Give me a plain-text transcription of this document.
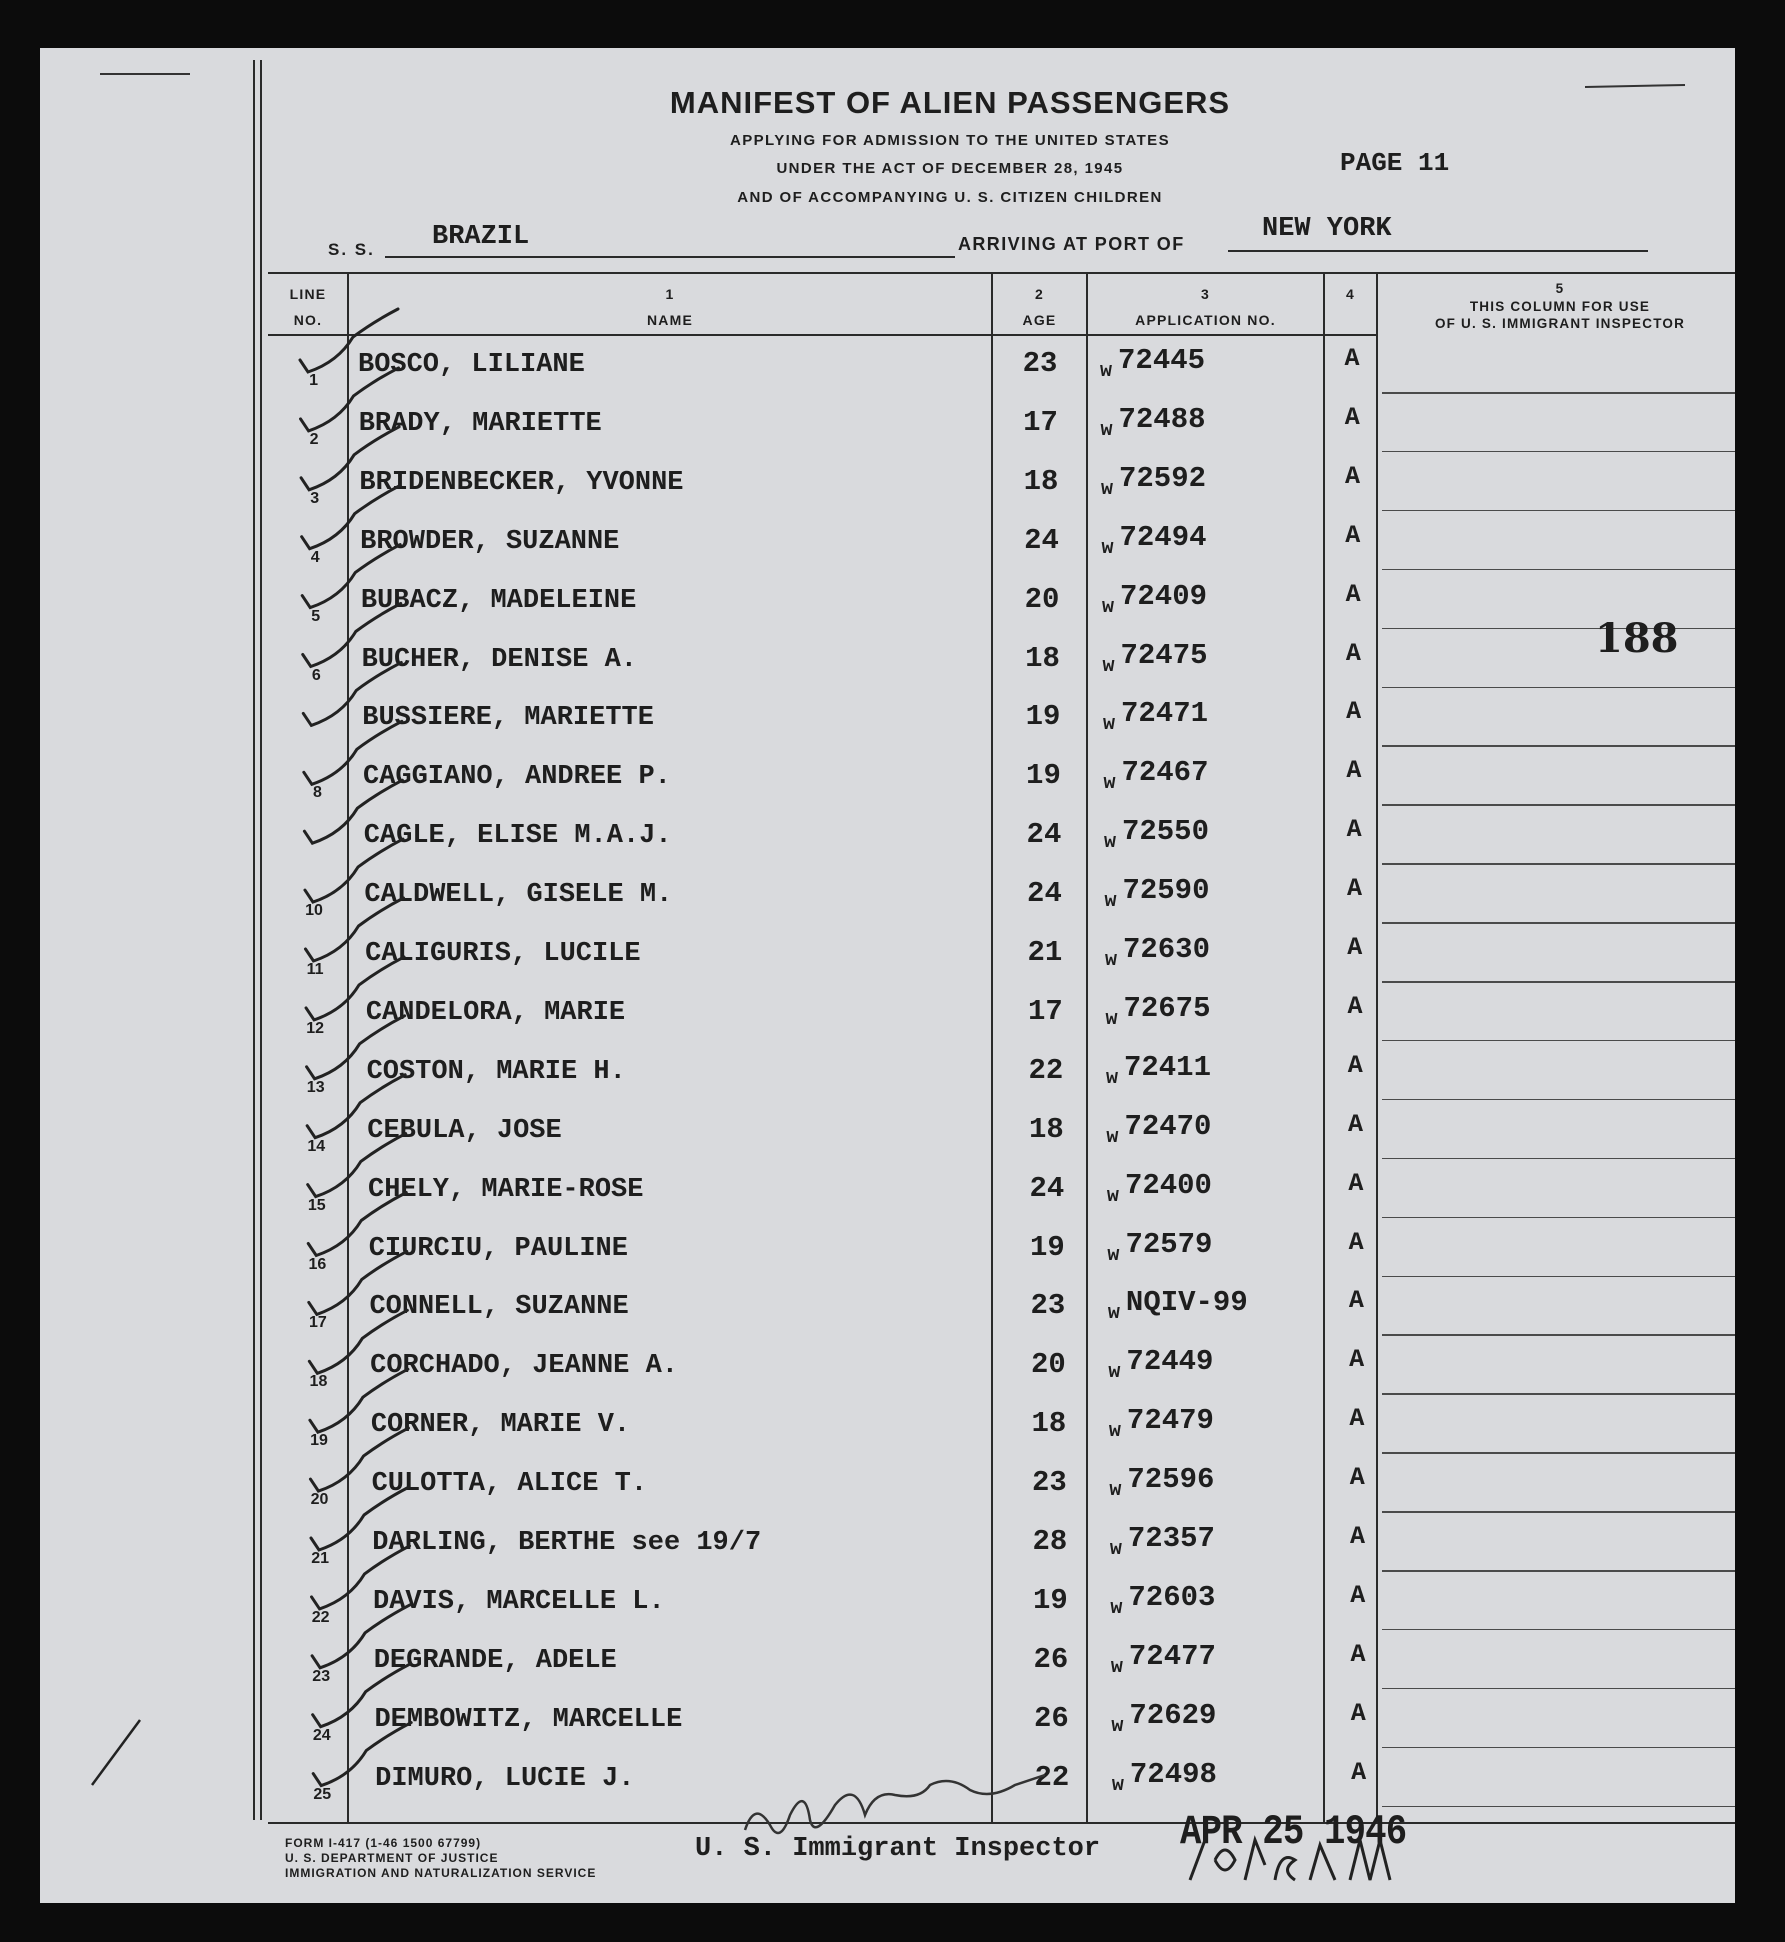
MANIFEST OF ALIEN PASSENGERS
APPLYING FOR ADMISSION TO THE UNITED STATES
UNDER THE ACT OF DECEMBER 28, 1945
AND OF ACCOMPANYING U. S. CITIZEN CHILDREN
PAGE 11
S. S. BRAZIL	ARRIVING AT PORT OF	NEW YORK
LINE
NO.
1
NAME
2
AGE
3
APPLICATION NO.
4	5
THIS COLUMN FOR USE
OF U. S. IMMIGRANT INSPECTOR
1
BOSCO, LILIANE	23	$_w$ 72445	A
2
BRADY, MARIETTE	17	$_w$ 72488	A
3
BRIDENBECKER, YVONNE	18	$_w$ 72592	A
4
BROWDER, SUZANNE	24	$_w$ 72494	A
5
BUBACZ, MADELEINE	20	$_w$ 72409	A
6
BUCHER, DENISE A.	18	$_w$ 72475	A
BUSSIERE, MARIETTE	19	$_w$ 72471	A
8
CAGGIANO, ANDREE P.	19	$_w$ 72467	A
CAGLE, ELISE M.A.J.	24	$_w$ 72550	A
10
CALDWELL, GISELE M.	24	$_w$ 72590	A
11
CALIGURIS, LUCILE	21	$_w$ 72630	A
12
CANDELORA, MARIE	17	$_w$ 72675	A
13
COSTON, MARIE H.	22	$_w$ 72411	A
14
CEBULA, JOSE	18	$_w$ 72470	A
15
CHELY, MARIE-ROSE	24	$_w$ 72400	A
16
CIURCIU, PAULINE	19	$_w$ 72579	A
17
CONNELL, SUZANNE	23	$_w$ NQIV-99	A
18
CORCHADO, JEANNE A.	20	$_w$ 72449	A
19
CORNER, MARIE V.	18	$_w$ 72479	A
20
CULOTTA, ALICE T.	23	$_w$ 72596	A
21
DARLING, BERTHE see 19/7	28	$_w$ 72357	A
22
DAVIS, MARCELLE L.	19	$_w$ 72603	A
23
DEGRANDE, ADELE	26	$_w$ 72477	A
24
DEMBOWITZ, MARCELLE	26	$_w$ 72629	A
25
DIMURO, LUCIE J.	22	$_w$ 72498	A
188
APR 25 1946
FORM I-417 (1-46 1500 67799)
U. S. DEPARTMENT OF JUSTICE
IMMIGRATION AND NATURALIZATION SERVICE
U. S. Immigrant Inspector
